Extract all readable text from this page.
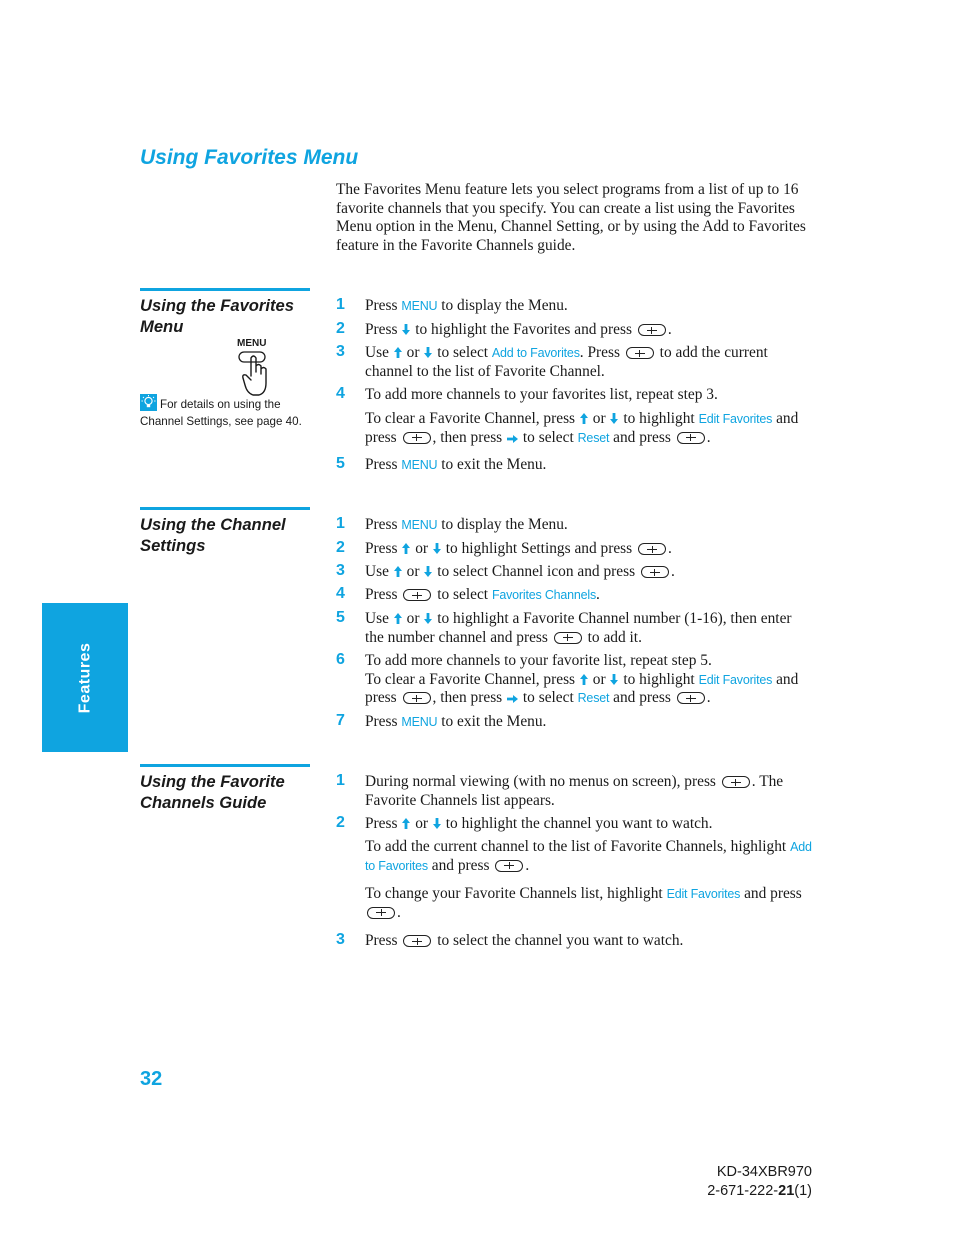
Using Favorites Menu
The Favorites Menu feature lets you select programs from a list of up to 16 favorite channels that you specify. You can create a list using the Favorites Menu option in the Menu, Channel Setting, or by using the Add to Favorites feature in the Favorite Channels guide.
Features
Using the Favorites Menu
MENU
For details on using the Channel Settings, see page 40.
1 Press MENU to display the Menu.
2 Press to highlight the Favorites and press .
3 Use or to select Add to Favorites. Press	to add the current channel to the list of Favorite Channel.
4 To add more channels to your favorites list, repeat step 3.
To clear a Favorite Channel, press or to highlight Edit Favorites and press , then press to select Reset and press .
5 Press MENU to exit the Menu.
Using the Channel Settings
1 Press MENU to display the Menu.
2 Press or to highlight Settings and press .
3 Use or to select Channel icon and press .
4 Press	to select Favorites Channels.
5 Use or to highlight a Favorite Channel number (1-16), then enter the number channel and press	to add it.
6 To add more channels to your favorite list, repeat step 5.
To clear a Favorite Channel, press or to highlight Edit Favorites and press , then press to select Reset and press .
7 Press MENU to exit the Menu.
Using the Favorite Channels Guide
1 During normal viewing (with no menus on screen), press . The Favorite Channels list appears.
2 Press or to highlight the channel you want to watch.
To add the current channel to the list of Favorite Channels, highlight Add to Favorites and press .
To change your Favorite Channels list, highlight Edit Favorites and press .
3 Press	to select the channel you want to watch.
32
KD-34XBR970
2-671-222-21(1)
